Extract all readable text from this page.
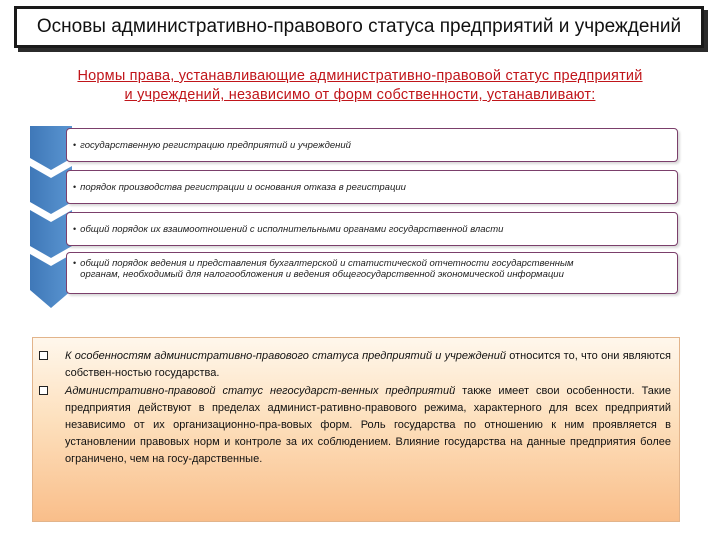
Основы административно-правового статуса предприятий и учреждений
Нормы права, устанавливающие административно-правовой статус предприятий
и учреждений, независимо от форм собственности, устанавливают:
• государственную регистрацию предприятий и учреждений
• порядок производства регистрации и основания отказа в регистрации
• общий порядок их взаимоотношений с исполнительными органами государственной власти
• общий порядок ведения и представления бухгалтерской и статистической отчетности государственным
органам, необходимый для налогообложения и ведения общегосударственной экономической информации
К особенностям административно-правового статуса предприятий и учреждений относится то, что они являются собствен-ностью государства.
Административно-правовой статус негосударст-венных предприятий также имеет свои особенности. Такие предприятия действуют в пределах админист-ративно-правового режима, характерного для всех предприятий независимо от их организационно-пра-вовых форм. Роль государства по отношению к ним проявляется в установлении правовых норм и контроле за их соблюдением. Влияние государства на данные предприятия более ограничено, чем на госу-дарственные.
